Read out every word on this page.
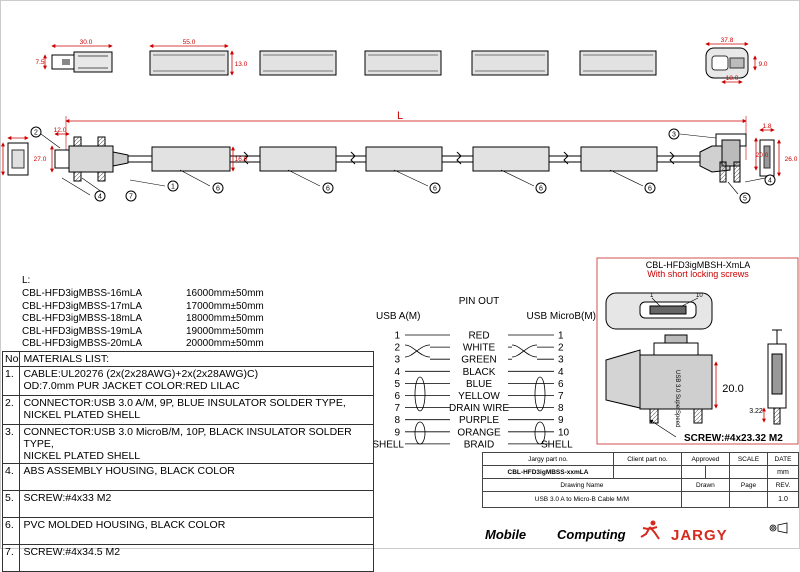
2
1
3
4
4	5
6	6	6	6	6
7
30.0
7.5
55.0
13.0
37.8
9.0
18.0
L
12.0
27.0	16.0
1.8
20.0
26.0
1	10
USB 3.0 SuperSpeed
CBL-HFD3igMBSH-XmLA
With short locking screws
20.0
3.22
SCREW:#4x23.32 M2
PIN OUT
USB A(M)	USB MicroB(M)
1	RED	1
2	WHITE	2
3	GREEN	3
4	BLACK	4
5	BLUE	6
6	YELLOW	7
7	DRAIN WIRE	8
8	PURPLE	9
9	ORANGE	10
SHELL	BRAID	SHELL
Mobile Computing	JARGY
L:
CBL-HFD3igMBSS-16mLA	16000mm±50mm
CBL-HFD3igMBSS-17mLA	17000mm±50mm
CBL-HFD3igMBSS-18mLA	18000mm±50mm
CBL-HFD3igMBSS-19mLA	19000mm±50mm
CBL-HFD3igMBSS-20mLA	20000mm±50mm
No	MATERIALS LIST:
1.	CABLE:UL20276 (2x(2x28AWG)+2x(2x28AWG)C)
OD:7.0mm PUR JACKET COLOR:RED LILAC

2.	CONNECTOR:USB 3.0 A/M, 9P, BLUE INSULATOR SOLDER TYPE,
NICKEL PLATED SHELL

3.	CONNECTOR:USB 3.0 MicroB/M, 10P, BLACK INSULATOR SOLDER TYPE,
NICKEL PLATED SHELL

4.	ABS ASSEMBLY HOUSING, BLACK COLOR

5.	SCREW:#4x33 M2

6.	PVC MOLDED HOUSING, BLACK COLOR

7.	SCREW:#4x34.5 M2
Jargy part no.	Client part no.	Approved		SCALE	DATE
CBL-HFD3igMBSS-xxmLA					mm
Drawing Name		Drawn		Page	REV.
USB 3.0 A to Micro-B Cable M/M					1.0
